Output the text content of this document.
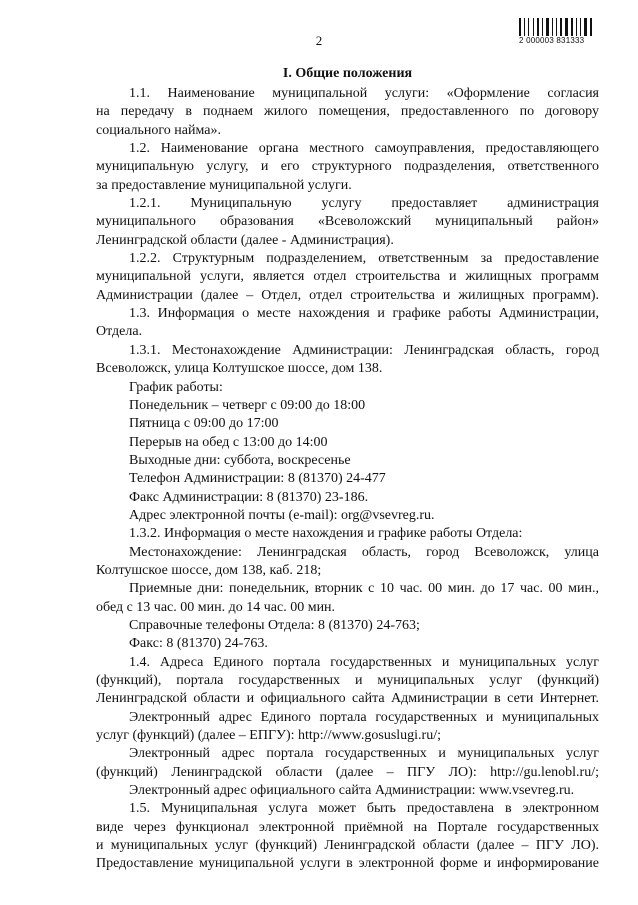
2	2 000003 831333
I. Общие положения
1.1. Наименование муниципальной услуги: «Оформление согласия
на передачу в поднаем жилого помещения, предоставленного по договору
социального найма».
1.2. Наименование органа местного самоуправления, предоставляющего
муниципальную услугу, и его структурного подразделения, ответственного
за предоставление муниципальной услуги.
1.2.1. Муниципальную услугу предоставляет администрация
муниципального образования «Всеволожский муниципальный район»
Ленинградской области (далее - Администрация).
1.2.2. Структурным подразделением, ответственным за предоставление
муниципальной услуги, является отдел строительства и жилищных программ
Администрации (далее – Отдел, отдел строительства и жилищных программ).
1.3. Информация о месте нахождения и графике работы Администрации,
Отдела.
1.3.1. Местонахождение Администрации: Ленинградская область, город
Всеволожск, улица Колтушское шоссе, дом 138.
График работы:
Понедельник – четверг с 09:00 до 18:00
Пятница с 09:00 до 17:00
Перерыв на обед с 13:00 до 14:00
Выходные дни: суббота, воскресенье
Телефон Администрации: 8 (81370) 24-477
Факс Администрации: 8 (81370) 23-186.
Адрес электронной почты (e-mail): org@vsevreg.ru.
1.3.2. Информация о месте нахождения и графике работы Отдела:
Местонахождение: Ленинградская область, город Всеволожск, улица
Колтушское шоссе, дом 138, каб. 218;
Приемные дни: понедельник, вторник с 10 час. 00 мин. до 17 час. 00 мин.,
обед с 13 час. 00 мин. до 14 час. 00 мин.
Справочные телефоны Отдела: 8 (81370) 24-763;
Факс: 8 (81370) 24-763.
1.4. Адреса Единого портала государственных и муниципальных услуг
(функций), портала государственных и муниципальных услуг (функций)
Ленинградской области и официального сайта Администрации в сети Интернет.
Электронный адрес Единого портала государственных и муниципальных
услуг (функций) (далее – ЕПГУ): http://www.gosuslugi.ru/;
Электронный адрес портала государственных и муниципальных услуг
(функций) Ленинградской области (далее – ПГУ ЛО): http://gu.lenobl.ru/;
Электронный адрес официального сайта Администрации: www.vsevreg.ru.
1.5. Муниципальная услуга может быть предоставлена в электронном
виде через функционал электронной приёмной на Портале государственных
и муниципальных услуг (функций) Ленинградской области (далее – ПГУ ЛО).
Предоставление муниципальной услуги в электронной форме и информирование
